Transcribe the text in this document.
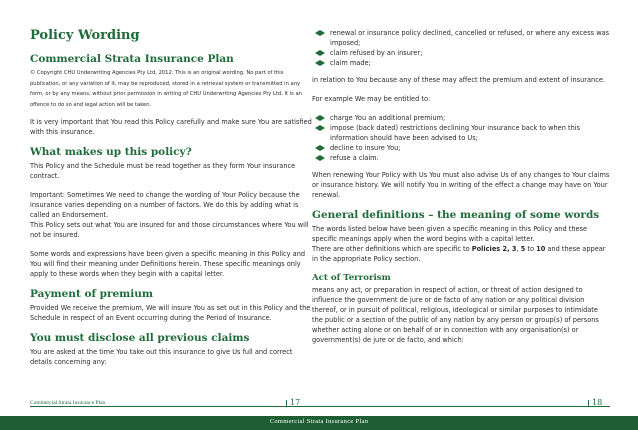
Policy Wording
Commercial Strata Insurance Plan
© Copyright CHU Underwriting Agencies Pty Ltd, 2012. This is an original wording. No part of this publication, or any variation of it, may be reproduced, stored in a retrieval system or transmitted in any form, or by any means, without prior permission in writing of CHU Underwriting Agencies Pty Ltd. It is an offence to do so and legal action will be taken.

It is very important that You read this Policy carefully and make sure You are satisfied with this insurance.

What makes up this policy?

This Policy and the Schedule must be read together as they form Your insurance contract.

Important: Sometimes We need to change the wording of Your Policy because the insurance varies depending on a number of factors. We do this by adding what is called an Endorsement.

This Policy sets out what You are insured for and those circumstances where You will not be insured.

Some words and expressions have been given a specific meaning in this Policy and You will find their meaning under Definitions herein. These specific meanings only apply to these words when they begin with a capital letter.

Payment of premium

Provided We receive the premium, We will insure You as set out in this Policy and the Schedule in respect of an Event occurring during the Period of Insurance.

You must disclose all previous claims

You are asked at the time You take out this insurance to give Us full and correct details concerning any:

renewal or insurance policy declined, cancelled or refused, or where any excess was imposed;
claim refused by an insurer;
claim made;

in relation to You because any of these may affect the premium and extent of insurance.

For example We may be entitled to:

charge You an additional premium;
impose (back dated) restrictions declining Your insurance back to when this information should have been advised to Us;
decline to insure You;
refuse a claim.

When renewing Your Policy with Us You must also advise Us of any changes to Your claims or insurance history. We will notify You in writing of the effect a change may have on Your renewal.

General definitions – the meaning of some words
The words listed below have been given a specific meaning in this Policy and these specific meanings apply when the word begins with a capital letter.

There are other definitions which are specific to Policies 2, 3, 5 to 10 and these appear in the appropriate Policy section.

Act of Terrorism

means any act, or preparation in respect of action, or threat of action designed to influence the government de jure or de facto of any nation or any political division thereof, or in pursuit of political, religious, ideological or similar purposes to intimidate the public or a section of the public of any nation by any person or group(s) of persons whether acting alone or on behalf of or in connection with any organisation(s) or government(s) de jure or de facto, and which:

Commercial Strata Insurance Plan	17	18
Commercial Strata Insurance Plan
